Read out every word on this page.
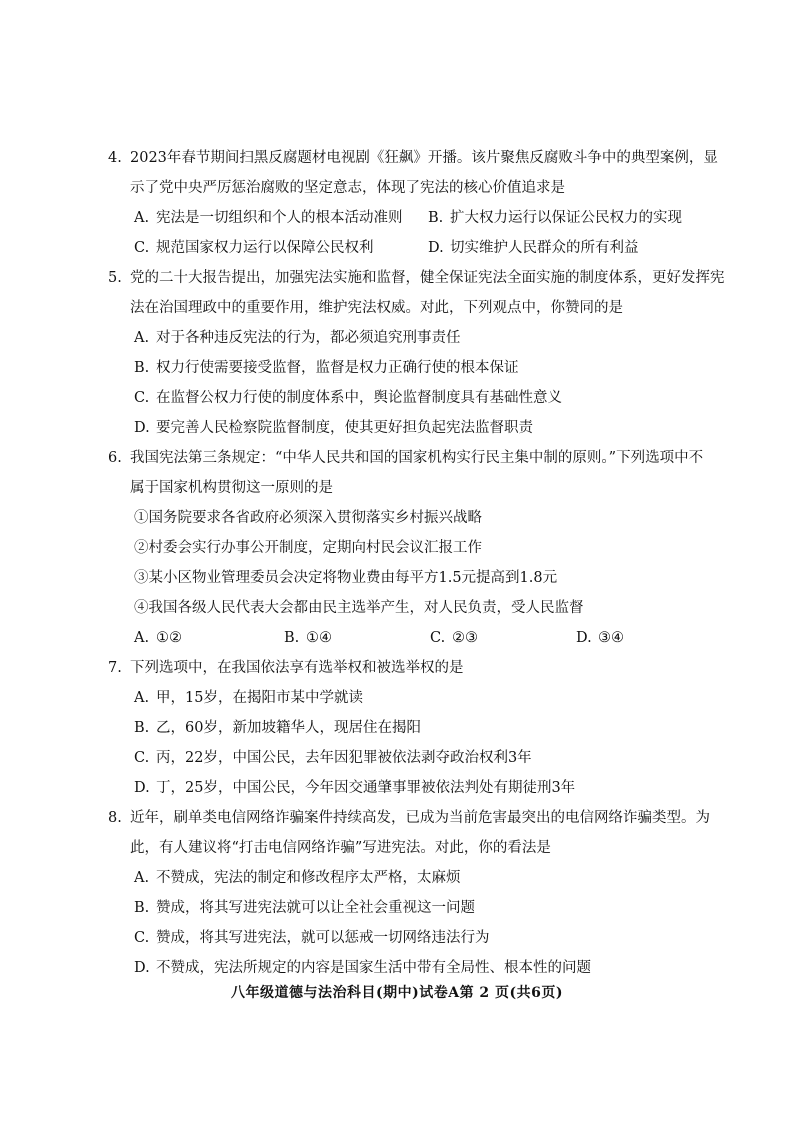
4. 2023年春节期间扫黑反腐题材电视剧《狂飙》开播。该片聚焦反腐败斗争中的典型案例，显
示了党中央严厉惩治腐败的坚定意志，体现了宪法的核心价值追求是
A. 宪法是一切组织和个人的根本活动准则	B. 扩大权力运行以保证公民权力的实现
C. 规范国家权力运行以保障公民权利	D. 切实维护人民群众的所有利益
5. 党的二十大报告提出，加强宪法实施和监督，健全保证宪法全面实施的制度体系，更好发挥宪
法在治国理政中的重要作用，维护宪法权威。对此，下列观点中，你赞同的是
A. 对于各种违反宪法的行为，都必须追究刑事责任
B. 权力行使需要接受监督，监督是权力正确行使的根本保证
C. 在监督公权力行使的制度体系中，舆论监督制度具有基础性意义
D. 要完善人民检察院监督制度，使其更好担负起宪法监督职责
6. 我国宪法第三条规定：“中华人民共和国的国家机构实行民主集中制的原则。”下列选项中不
属于国家机构贯彻这一原则的是
①国务院要求各省政府必须深入贯彻落实乡村振兴战略
②村委会实行办事公开制度，定期向村民会议汇报工作
③某小区物业管理委员会决定将物业费由每平方1.5元提高到1.8元
④我国各级人民代表大会都由民主选举产生，对人民负责，受人民监督
A. ①②	B. ①④	C. ②③	D. ③④
7. 下列选项中，在我国依法享有选举权和被选举权的是
A. 甲，15岁，在揭阳市某中学就读
B. 乙，60岁，新加坡籍华人，现居住在揭阳
C. 丙，22岁，中国公民，去年因犯罪被依法剥夺政治权利3年
D. 丁，25岁，中国公民，今年因交通肇事罪被依法判处有期徒刑3年
8. 近年，刷单类电信网络诈骗案件持续高发，已成为当前危害最突出的电信网络诈骗类型。为
此，有人建议将“打击电信网络诈骗”写进宪法。对此，你的看法是
A. 不赞成，宪法的制定和修改程序太严格，太麻烦
B. 赞成，将其写进宪法就可以让全社会重视这一问题
C. 赞成，将其写进宪法，就可以惩戒一切网络违法行为
D. 不赞成，宪法所规定的内容是国家生活中带有全局性、根本性的问题
八年级道德与法治科目(期中)试卷A第 2 页(共6页)
